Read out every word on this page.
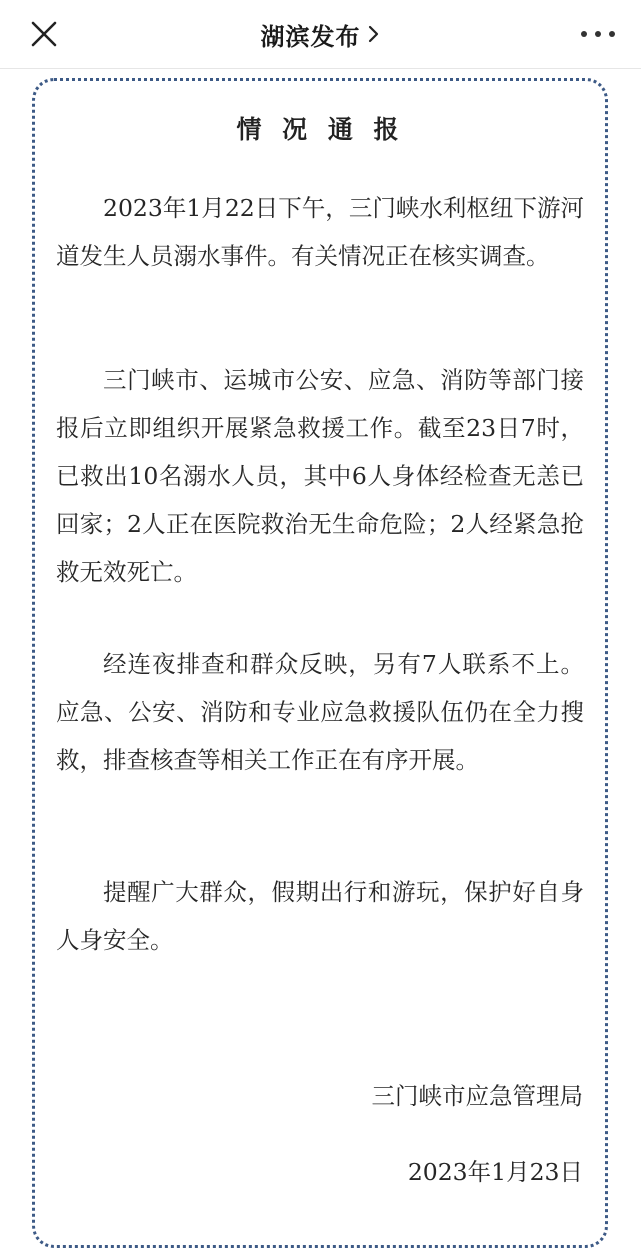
湖滨发布
情 况 通 报

2023年1月22日下午，三门峡水利枢纽下游河道发生人员溺水事件。有关情况正在核实调查。

三门峡市、运城市公安、应急、消防等部门接报后立即组织开展紧急救援工作。截至23日7时，已救出10名溺水人员，其中6人身体经检查无恙已回家；2人正在医院救治无生命危险；2人经紧急抢救无效死亡。

经连夜排查和群众反映，另有7人联系不上。应急、公安、消防和专业应急救援队伍仍在全力搜救，排查核查等相关工作正在有序开展。

提醒广大群众，假期出行和游玩，保护好自身人身安全。

三门峡市应急管理局
2023年1月23日
